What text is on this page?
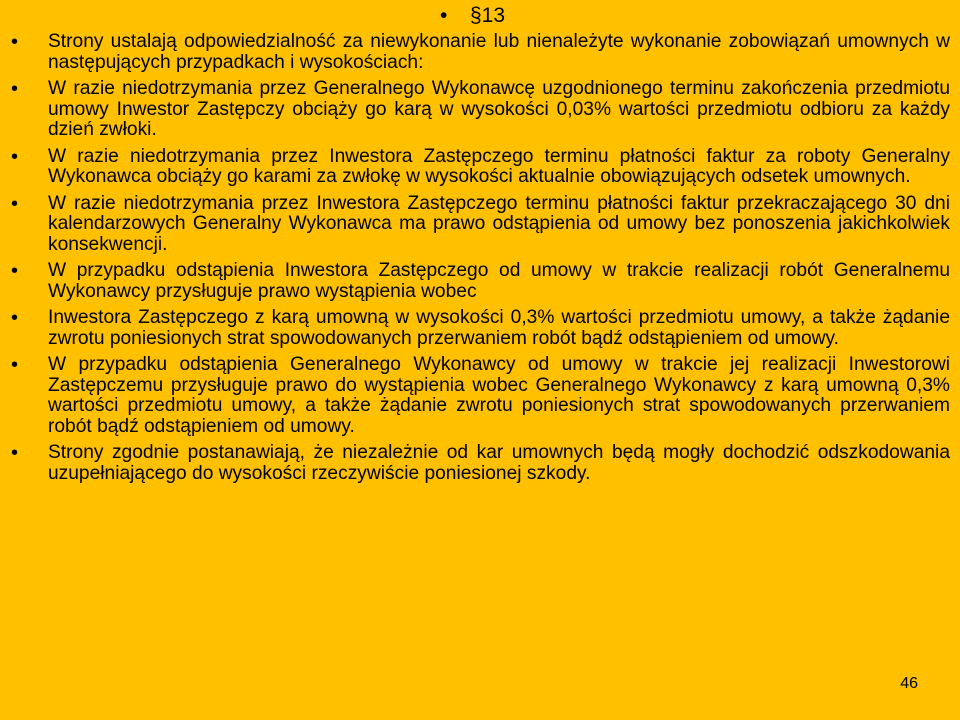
•	§13
• Strony ustalają odpowiedzialność za niewykonanie lub nienależyte wykonanie zobowiązań umownych w następujących przypadkach i wysokościach:
• W razie niedotrzymania przez Generalnego Wykonawcę uzgodnionego terminu zakończenia przedmiotu umowy Inwestor Zastępczy obciąży go karą w wysokości 0,03% wartości przedmiotu odbioru za każdy dzień zwłoki.
• W razie niedotrzymania przez Inwestora Zastępczego terminu płatności faktur za roboty Generalny Wykonawca obciąży go karami za zwłokę w wysokości aktualnie obowiązujących odsetek umownych.
• W razie niedotrzymania przez Inwestora Zastępczego terminu płatności faktur przekraczającego 30 dni kalendarzowych Generalny Wykonawca ma prawo odstąpienia od umowy bez ponoszenia jakichkolwiek konsekwencji.
• W przypadku odstąpienia Inwestora Zastępczego od umowy w trakcie realizacji robót Generalnemu Wykonawcy przysługuje prawo wystąpienia wobec
• Inwestora Zastępczego z karą umowną w wysokości 0,3% wartości przedmiotu umowy, a także żądanie zwrotu poniesionych strat spowodowanych przerwaniem robót bądź odstąpieniem od umowy.
• W przypadku odstąpienia Generalnego Wykonawcy od umowy w trakcie jej realizacji Inwestorowi Zastępczemu przysługuje prawo do wystąpienia wobec Generalnego Wykonawcy z karą umowną 0,3% wartości przedmiotu umowy, a także żądanie zwrotu poniesionych strat spowodowanych przerwaniem robót bądź odstąpieniem od umowy.
• Strony zgodnie postanawiają, że niezależnie od kar umownych będą mogły dochodzić odszkodowania uzupełniającego do wysokości rzeczywiście poniesionej szkody.
46
